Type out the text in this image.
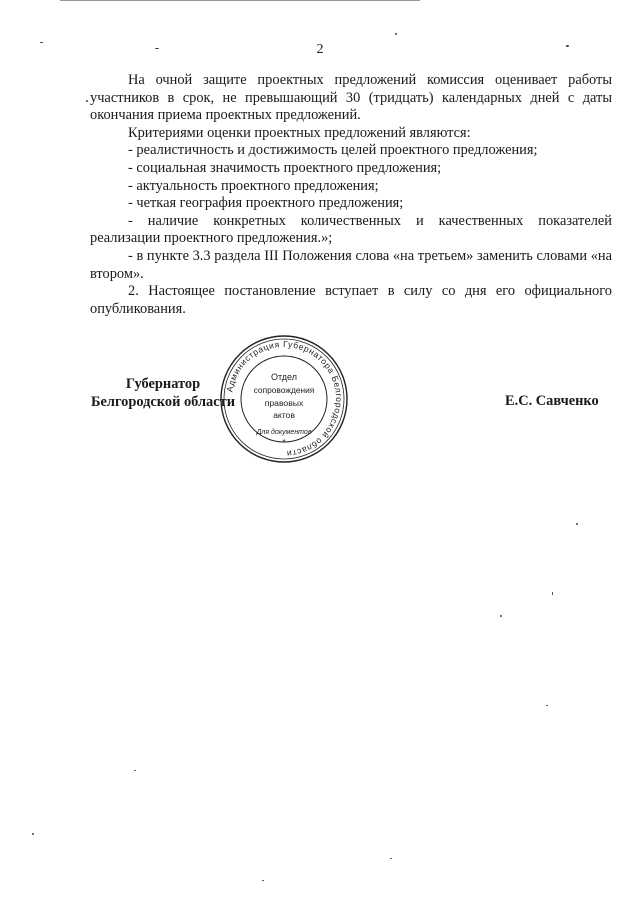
2

На очной защите проектных предложений комиссия оценивает работы участников в срок, не превышающий 30 (тридцать) календарных дней с даты окончания приема проектных предложений.

Критериями оценки проектных предложений являются:

- реалистичность и достижимость целей проектного предложения;

- социальная значимость проектного предложения;

- актуальность проектного предложения;

- четкая география проектного предложения;

- наличие конкретных количественных и качественных показателей реализации проектного предложения.»;

- в пункте 3.3 раздела III Положения слова «на третьем» заменить словами «на втором».

2. Настоящее постановление вступает в силу со дня его официального опубликования.

Губернатор
Белгородской области
Администрация Губернатора Белгородской области
Отдел
сопровождения
правовых
актов
Для документов
*
Е.С. Савченко
